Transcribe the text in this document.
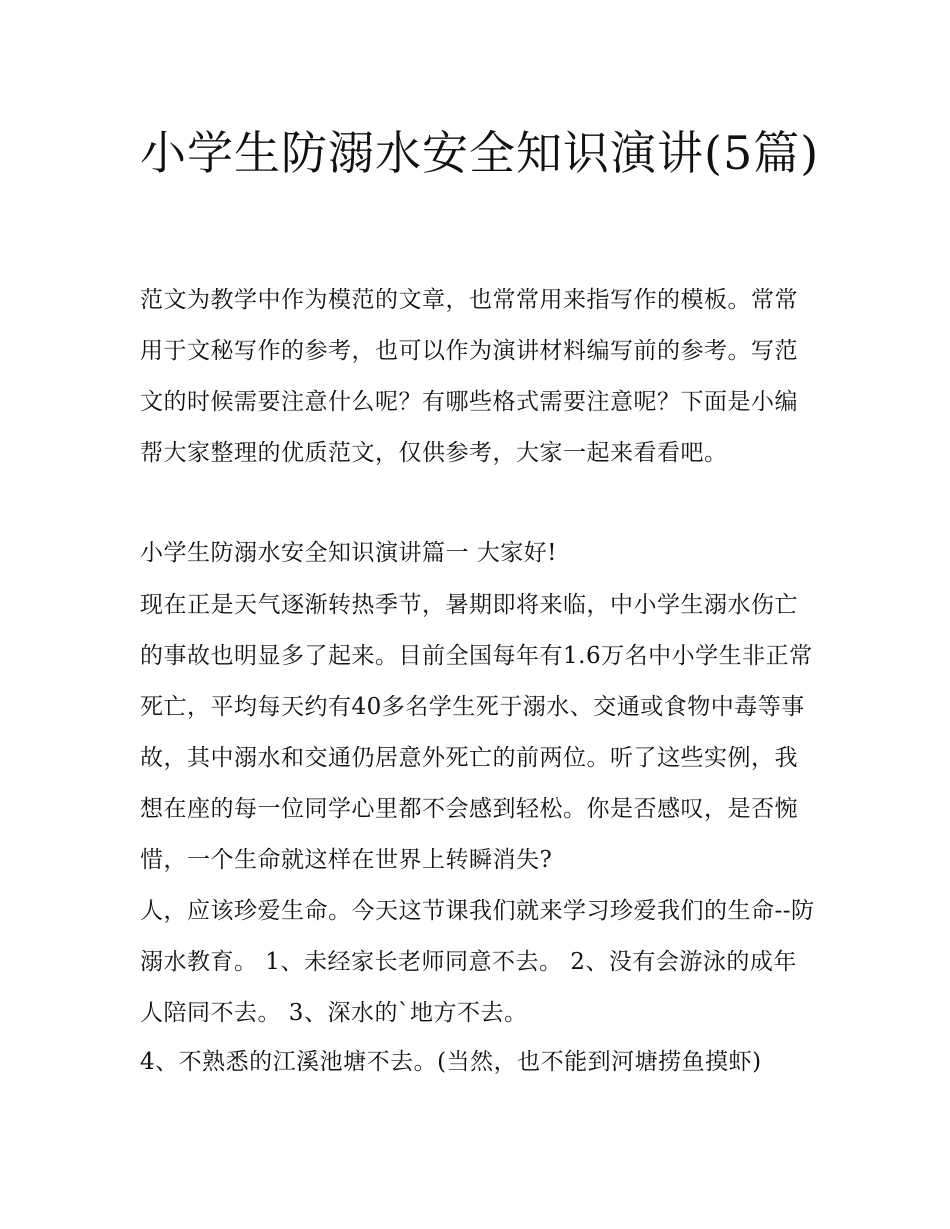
小学生防溺水安全知识演讲(5篇)

范文为教学中作为模范的文章，也常常用来指写作的模板。常常用于文秘写作的参考，也可以作为演讲材料编写前的参考。写范文的时候需要注意什么呢？有哪些格式需要注意呢？下面是小编帮大家整理的优质范文，仅供参考，大家一起来看看吧。

小学生防溺水安全知识演讲篇一 大家好!

现在正是天气逐渐转热季节，暑期即将来临，中小学生溺水伤亡的事故也明显多了起来。目前全国每年有1.6万名中小学生非正常死亡，平均每天约有40多名学生死于溺水、交通或食物中毒等事故，其中溺水和交通仍居意外死亡的前两位。听了这些实例，我想在座的每一位同学心里都不会感到轻松。你是否感叹，是否惋惜，一个生命就这样在世界上转瞬消失?

人，应该珍爱生命。今天这节课我们就来学习珍爱我们的生命--防溺水教育。 1、未经家长老师同意不去。 2、没有会游泳的成年人陪同不去。 3、深水的`地方不去。

4、不熟悉的江溪池塘不去。(当然，也不能到河塘捞鱼摸虾)
